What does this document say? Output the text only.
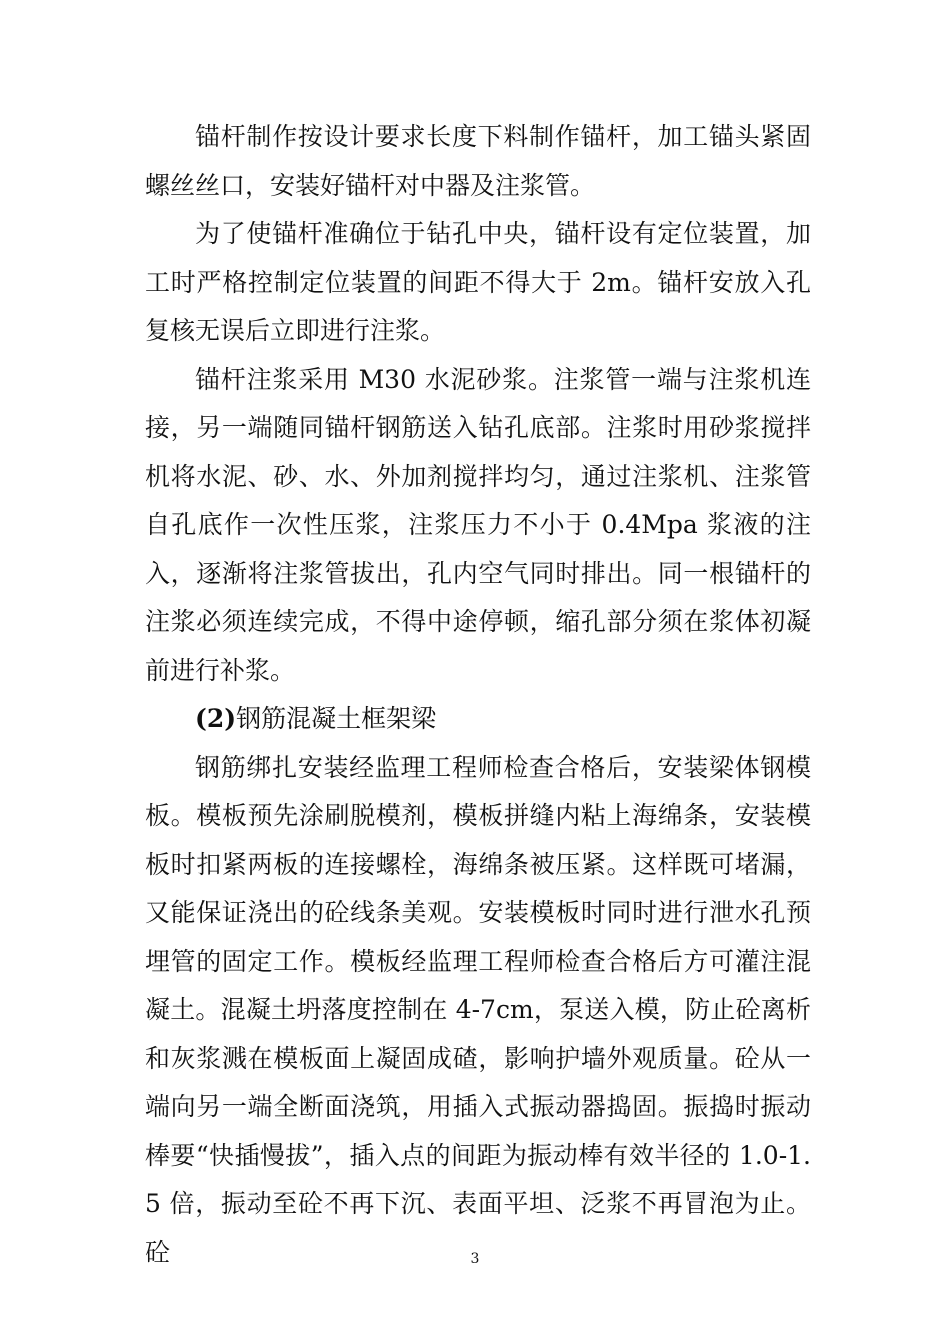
锚杆制作按设计要求长度下料制作锚杆，加工锚头紧固螺丝丝口，安装好锚杆对中器及注浆管。

为了使锚杆准确位于钻孔中央，锚杆设有定位装置，加工时严格控制定位装置的间距不得大于 2m。锚杆安放入孔复核无误后立即进行注浆。

锚杆注浆采用 M30 水泥砂浆。注浆管一端与注浆机连接，另一端随同锚杆钢筋送入钻孔底部。注浆时用砂浆搅拌机将水泥、砂、水、外加剂搅拌均匀，通过注浆机、注浆管自孔底作一次性压浆，注浆压力不小于 0.4Mpa 浆液的注入，逐渐将注浆管拔出，孔内空气同时排出。同一根锚杆的注浆必须连续完成，不得中途停顿，缩孔部分须在浆体初凝前进行补浆。

(2)钢筋混凝土框架梁

钢筋绑扎安装经监理工程师检查合格后，安装梁体钢模板。模板预先涂刷脱模剂，模板拼缝内粘上海绵条，安装模板时扣紧两板的连接螺栓，海绵条被压紧。这样既可堵漏，又能保证浇出的砼线条美观。安装模板时同时进行泄水孔预埋管的固定工作。模板经监理工程师检查合格后方可灌注混凝土。混凝土坍落度控制在 4-7cm，泵送入模，防止砼离析和灰浆溅在模板面上凝固成碴，影响护墙外观质量。砼从一端向另一端全断面浇筑，用插入式振动器捣固。振捣时振动棒要“快插慢拔”，插入点的间距为振动棒有效半径的 1.0-1.5 倍，振动至砼不再下沉、表面平坦、泛浆不再冒泡为止。砼	3
